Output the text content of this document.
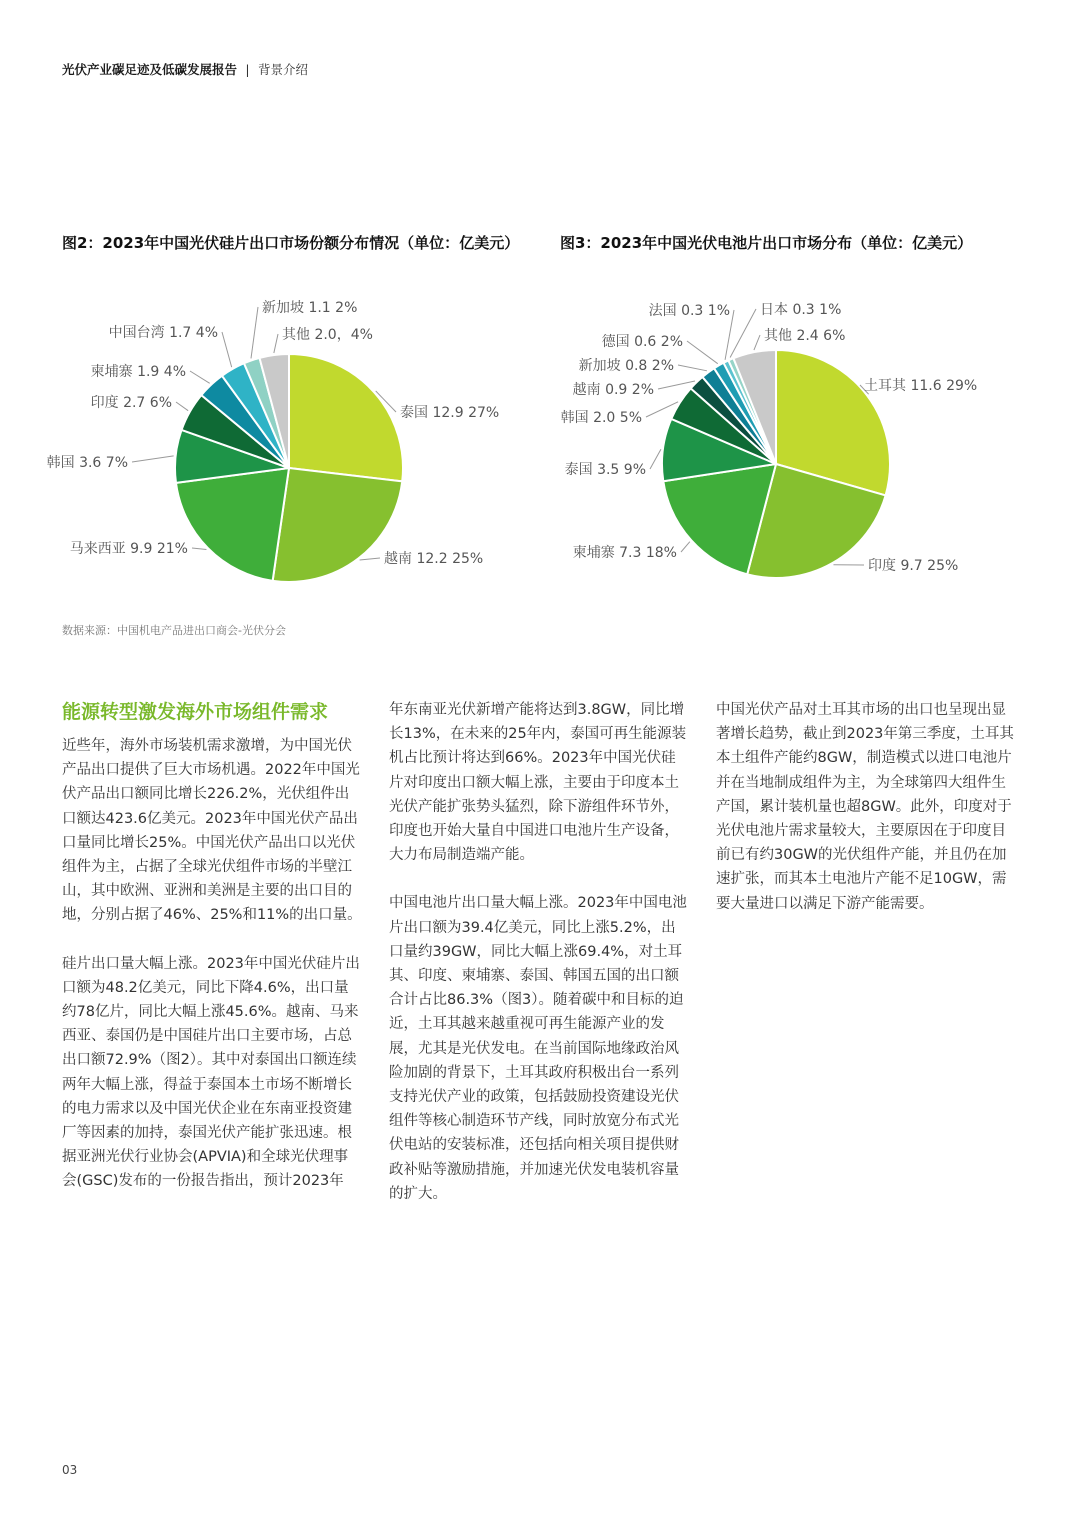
光伏产业碳足迹及低碳发展报告 | 背景介绍
图2：2023年中国光伏硅片出口市场份额分布情况（单位：亿美元）	图3：2023年中国光伏电池片出口市场分布（单位：亿美元）
泰国 12.9 27%
越南 12.2 25%
马来西亚 9.9 21%
韩国 3.6 7%
印度 2.7 6%
柬埔寨 1.9 4%
中国台湾 1.7 4%
新加坡 1.1 2%
其他 2.0，4%
土耳其 11.6 29%
印度 9.7 25%
柬埔寨 7.3 18%
泰国 3.5 9%
韩国 2.0 5%
越南 0.9 2%
新加坡 0.8 2%
德国 0.6 2%
法国 0.3 1% 日本 0.3 1%
其他 2.4 6%
数据来源：中国机电产品进出口商会-光伏分会
能源转型激发海外市场组件需求

近些年，海外市场装机需求激增，为中国光伏产品出口提供了巨大市场机遇。2022年中国光伏产品出口额同比增长226.2%，光伏组件出口额达423.6亿美元。2023年中国光伏产品出口量同比增长25%。中国光伏产品出口以光伏组件为主，占据了全球光伏组件市场的半壁江山，其中欧洲、亚洲和美洲是主要的出口目的地，分别占据了46%、25%和11%的出口量。

硅片出口量大幅上涨。2023年中国光伏硅片出口额为48.2亿美元，同比下降4.6%，出口量约78亿片，同比大幅上涨45.6%。越南、马来西亚、泰国仍是中国硅片出口主要市场，占总出口额72.9%（图2）。其中对泰国出口额连续两年大幅上涨，得益于泰国本土市场不断增长的电力需求以及中国光伏企业在东南亚投资建厂等因素的加持，泰国光伏产能扩张迅速。根据亚洲光伏行业协会(APVIA)和全球光伏理事会(GSC)发布的一份报告指出，预计2023年

年东南亚光伏新增产能将达到3.8GW，同比增长13%，在未来的25年内，泰国可再生能源装机占比预计将达到66%。2023年中国光伏硅片对印度出口额大幅上涨，主要由于印度本土光伏产能扩张势头猛烈，除下游组件环节外，印度也开始大量自中国进口电池片生产设备，大力布局制造端产能。

中国电池片出口量大幅上涨。2023年中国电池片出口额为39.4亿美元，同比上涨5.2%，出口量约39GW，同比大幅上涨69.4%，对土耳其、印度、柬埔寨、泰国、韩国五国的出口额合计占比86.3%（图3）。随着碳中和目标的迫近，土耳其越来越重视可再生能源产业的发展，尤其是光伏发电。在当前国际地缘政治风险加剧的背景下，土耳其政府积极出台一系列支持光伏产业的政策，包括鼓励投资建设光伏组件等核心制造环节产线，同时放宽分布式光伏电站的安装标准，还包括向相关项目提供财政补贴等激励措施，并加速光伏发电装机容量的扩大。

中国光伏产品对土耳其市场的出口也呈现出显著增长趋势，截止到2023年第三季度，土耳其本土组件产能约8GW，制造模式以进口电池片并在当地制成组件为主，为全球第四大组件生产国，累计装机量也超8GW。此外，印度对于光伏电池片需求量较大，主要原因在于印度目前已有约30GW的光伏组件产能，并且仍在加速扩张，而其本土电池片产能不足10GW，需要大量进口以满足下游产能需要。

03
